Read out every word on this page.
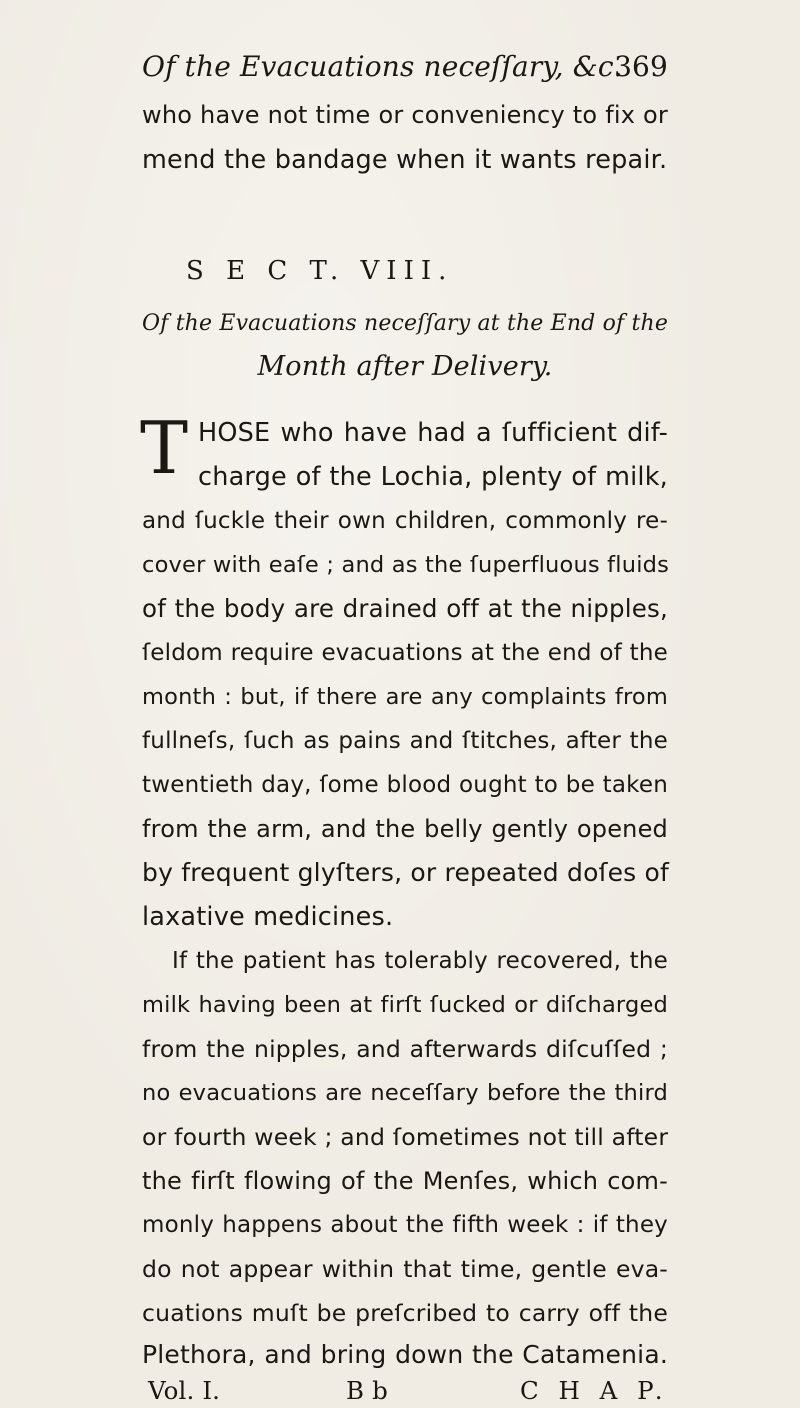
Of the Evacuations neceſſary, &c.
369
who have not time or conveniency to fix or
mend the bandage when it wants repair.
S E C T. VIII.
Of the Evacuations neceſſary at the End of the
Month after Delivery.
T HOSE who have had a ſufficient dif-
charge of the Lochia, plenty of milk,
and ſuckle their own children, commonly re-
cover with eaſe ; and as the ſuperfluous fluids
of the body are drained off at the nipples,
ſeldom require evacuations at the end of the
month : but, if there are any complaints from
fullneſs, ſuch as pains and ſtitches, after the
twentieth day, ſome blood ought to be taken
from the arm, and the belly gently opened
by frequent glyſters, or repeated doſes of
laxative medicines.
If the patient has tolerably recovered, the
milk having been at firſt ſucked or diſcharged
from the nipples, and afterwards diſcuſſed ;
no evacuations are neceſſary before the third
or fourth week ; and ſometimes not till after
the firſt flowing of the Menſes, which com-
monly happens about the fifth week : if they
do not appear within that time, gentle eva-
cuations muſt be preſcribed to carry off the
Plethora, and bring down the Catamenia.
Vol. I.	B b	C H A P.
